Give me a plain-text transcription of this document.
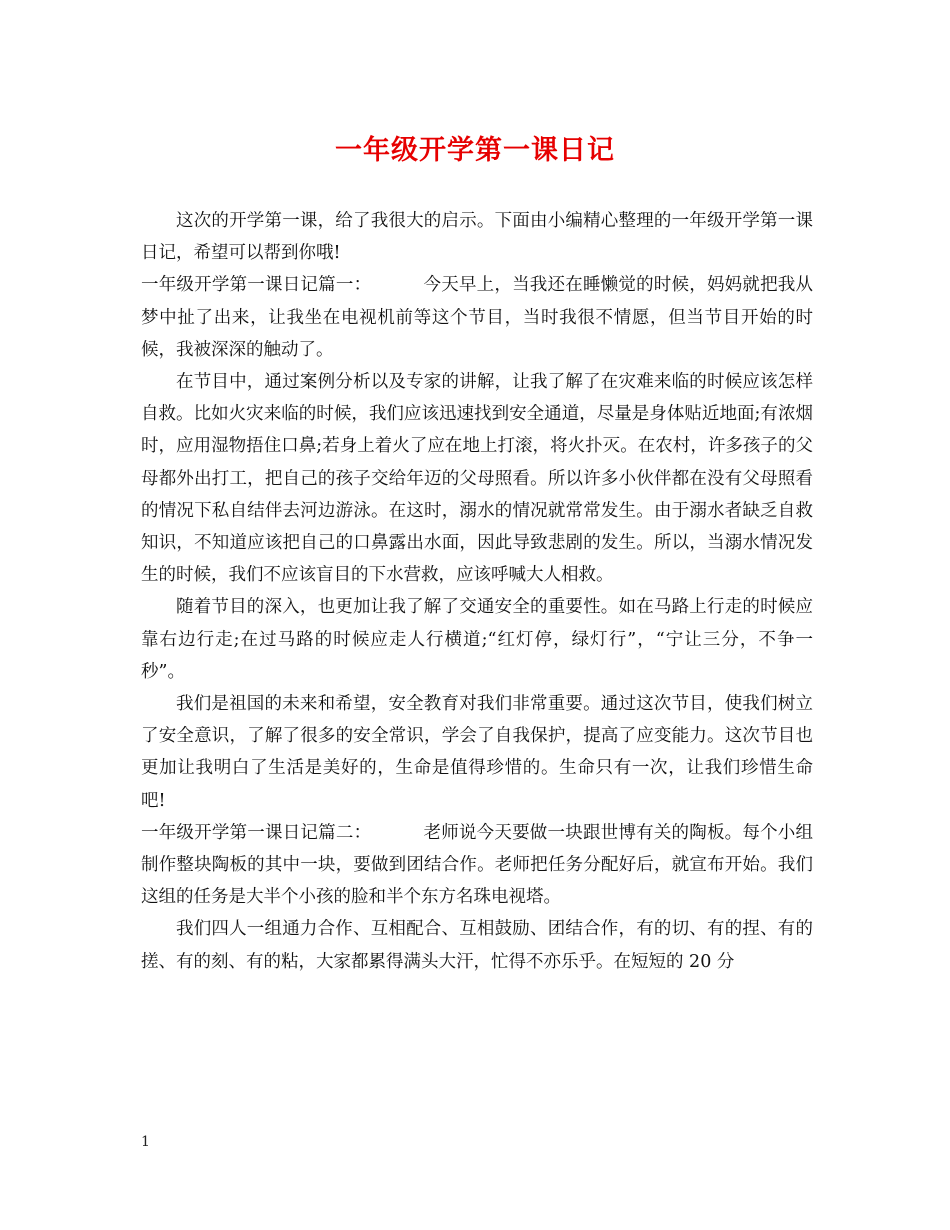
一年级开学第一课日记

这次的开学第一课，给了我很大的启示。下面由小编精心整理的一年级开学第一课日记，希望可以帮到你哦!

一年级开学第一课日记篇一：	今天早上，当我还在睡懒觉的时候，妈妈就把我从梦中扯了出来，让我坐在电视机前等这个节目，当时我很不情愿，但当节目开始的时候，我被深深的触动了。

在节目中，通过案例分析以及专家的讲解，让我了解了在灾难来临的时候应该怎样自救。比如火灾来临的时候，我们应该迅速找到安全通道，尽量是身体贴近地面;有浓烟时，应用湿物捂住口鼻;若身上着火了应在地上打滚，将火扑灭。在农村，许多孩子的父母都外出打工，把自己的孩子交给年迈的父母照看。所以许多小伙伴都在没有父母照看的情况下私自结伴去河边游泳。在这时，溺水的情况就常常发生。由于溺水者缺乏自救知识，不知道应该把自己的口鼻露出水面，因此导致悲剧的发生。所以，当溺水情况发生的时候，我们不应该盲目的下水营救，应该呼喊大人相救。

随着节目的深入，也更加让我了解了交通安全的重要性。如在马路上行走的时候应靠右边行走;在过马路的时候应走人行横道;“红灯停，绿灯行”，“宁让三分，不争一秒”。

我们是祖国的未来和希望，安全教育对我们非常重要。通过这次节目，使我们树立了安全意识，了解了很多的安全常识，学会了自我保护，提高了应变能力。这次节目也更加让我明白了生活是美好的，生命是值得珍惜的。生命只有一次，让我们珍惜生命吧!

一年级开学第一课日记篇二：	老师说今天要做一块跟世博有关的陶板。每个小组制作整块陶板的其中一块，要做到团结合作。老师把任务分配好后，就宣布开始。我们这组的任务是大半个小孩的脸和半个东方名珠电视塔。

我们四人一组通力合作、互相配合、互相鼓励、团结合作，有的切、有的捏、有的搓、有的刻、有的粘，大家都累得满头大汗，忙得不亦乐乎。在短短的 20 分

1
